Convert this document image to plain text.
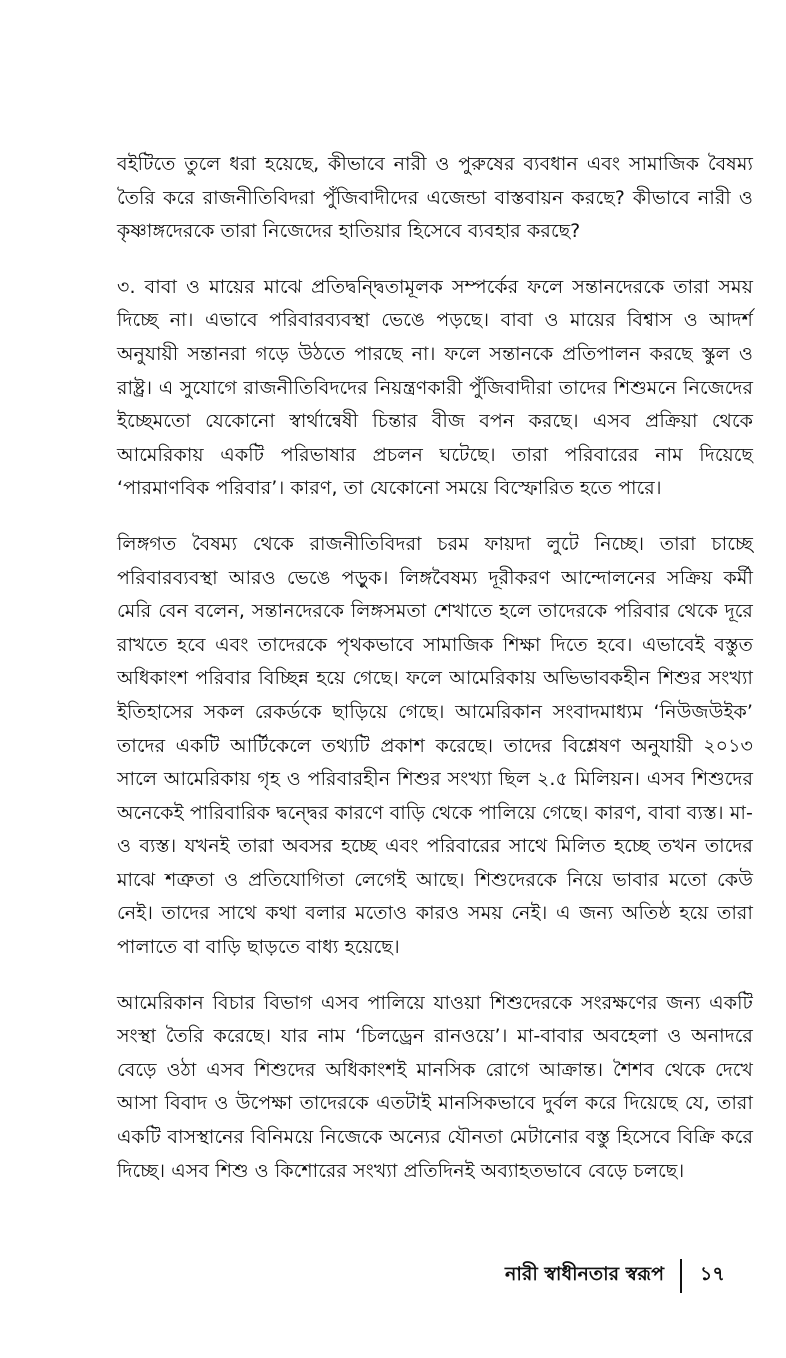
বইটিতে তুলে ধরা হয়েছে, কীভাবে নারী ও পুরুষের ব্যবধান এবং সামাজিক বৈষম্য তৈরি করে রাজনীতিবিদরা পুঁজিবাদীদের এজেন্ডা বাস্তবায়ন করছে? কীভাবে নারী ও কৃষ্ণাঙ্গদেরকে তারা নিজেদের হাতিয়ার হিসেবে ব্যবহার করছে?

৩. বাবা ও মায়ের মাঝে প্রতিদ্বন্দ্বিতামূলক সম্পর্কের ফলে সন্তানদেরকে তারা সময় দিচ্ছে না। এভাবে পরিবারব্যবস্থা ভেঙে পড়ছে। বাবা ও মায়ের বিশ্বাস ও আদর্শ অনুযায়ী সন্তানরা গড়ে উঠতে পারছে না। ফলে সন্তানকে প্রতিপালন করছে স্কুল ও রাষ্ট্র। এ সুযোগে রাজনীতিবিদদের নিয়ন্ত্রণকারী পুঁজিবাদীরা তাদের শিশুমনে নিজেদের ইচ্ছেমতো যেকোনো স্বার্থান্বেষী চিন্তার বীজ বপন করছে। এসব প্রক্রিয়া থেকে আমেরিকায় একটি পরিভাষার প্রচলন ঘটেছে। তারা পরিবারের নাম দিয়েছে ‘পারমাণবিক পরিবার’। কারণ, তা যেকোনো সময়ে বিস্ফোরিত হতে পারে।

লিঙ্গগত বৈষম্য থেকে রাজনীতিবিদরা চরম ফায়দা লুটে নিচ্ছে। তারা চাচ্ছে পরিবারব্যবস্থা আরও ভেঙে পড়ুক। লিঙ্গবৈষম্য দূরীকরণ আন্দোলনের সক্রিয় কর্মী মেরি বেন বলেন, সন্তানদেরকে লিঙ্গসমতা শেখাতে হলে তাদেরকে পরিবার থেকে দূরে রাখতে হবে এবং তাদেরকে পৃথকভাবে সামাজিক শিক্ষা দিতে হবে। এভাবেই বস্তুত অধিকাংশ পরিবার বিচ্ছিন্ন হয়ে গেছে। ফলে আমেরিকায় অভিভাবকহীন শিশুর সংখ্যা ইতিহাসের সকল রেকর্ডকে ছাড়িয়ে গেছে। আমেরিকান সংবাদমাধ্যম ‘নিউজউইক’ তাদের একটি আর্টিকেলে তথ্যটি প্রকাশ করেছে। তাদের বিশ্লেষণ অনুযায়ী ২০১৩ সালে আমেরিকায় গৃহ ও পরিবারহীন শিশুর সংখ্যা ছিল ২.৫ মিলিয়ন। এসব শিশুদের অনেকেই পারিবারিক দ্বন্দ্বের কারণে বাড়ি থেকে পালিয়ে গেছে। কারণ, বাবা ব্যস্ত। মা-ও ব্যস্ত। যখনই তারা অবসর হচ্ছে এবং পরিবারের সাথে মিলিত হচ্ছে তখন তাদের মাঝে শত্রুতা ও প্রতিযোগিতা লেগেই আছে। শিশুদেরকে নিয়ে ভাবার মতো কেউ নেই। তাদের সাথে কথা বলার মতোও কারও সময় নেই। এ জন্য অতিষ্ঠ হয়ে তারা পালাতে বা বাড়ি ছাড়তে বাধ্য হয়েছে।

আমেরিকান বিচার বিভাগ এসব পালিয়ে যাওয়া শিশুদেরকে সংরক্ষণের জন্য একটি সংস্থা তৈরি করেছে। যার নাম ‘চিলড্রেন রানওয়ে’। মা-বাবার অবহেলা ও অনাদরে বেড়ে ওঠা এসব শিশুদের অধিকাংশই মানসিক রোগে আক্রান্ত। শৈশব থেকে দেখে আসা বিবাদ ও উপেক্ষা তাদেরকে এতটাই মানসিকভাবে দুর্বল করে দিয়েছে যে, তারা একটি বাসস্থানের বিনিময়ে নিজেকে অন্যের যৌনতা মেটানোর বস্তু হিসেবে বিক্রি করে দিচ্ছে। এসব শিশু ও কিশোরের সংখ্যা প্রতিদিনই অব্যাহতভাবে বেড়ে চলছে।

নারী স্বাধীনতার স্বরূপ	১৭
